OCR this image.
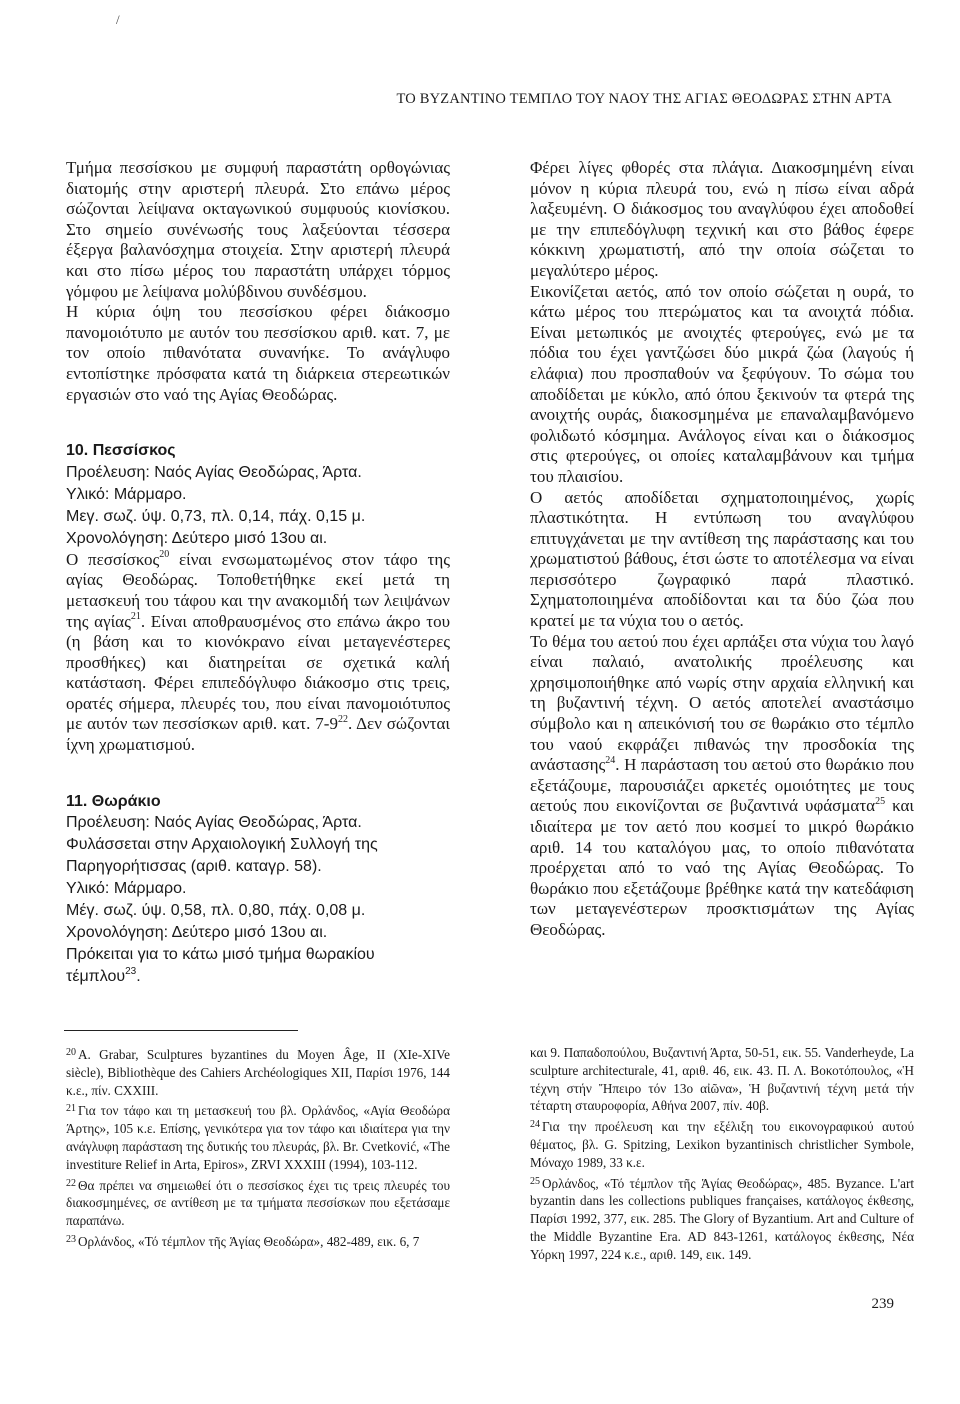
/
ΤΟ ΒΥΖΑΝΤΙΝΟ ΤΕΜΠΛΟ ΤΟΥ ΝΑΟΥ ΤΗΣ ΑΓΙΑΣ ΘΕΟΔΩΡΑΣ ΣΤΗΝ ΑΡΤΑ

Τμήμα πεσσίσκου με συμφυή παραστάτη ορθογώνιας διατομής στην αριστερή πλευρά. Στο επάνω μέρος σώζονται λείψανα οκταγωνικού συμφυούς κιονίσκου. Στο σημείο συνένωσής τους λαξεύονται τέσσερα έξεργα βαλανόσχημα στοιχεία. Στην αριστερή πλευρά και στο πίσω μέρος του παραστάτη υπάρχει τόρμος γόμφου με λείψανα μολύβδινου συνδέσμου.

Η κύρια όψη του πεσσίσκου φέρει διάκοσμο πανομοιότυπο με αυτόν του πεσσίσκου αριθ. κατ. 7, με τον οποίο πιθανότατα συνανήκε. Το ανάγλυφο εντοπίστηκε πρόσφατα κατά τη διάρκεια στερεωτικών εργασιών στο ναό της Αγίας Θεοδώρας.

10. Πεσσίσκος

Προέλευση: Ναός Αγίας Θεοδώρας, Άρτα.
Υλικό: Μάρμαρο.
Μεγ. σωζ. ύψ. 0,73, πλ. 0,14, πάχ. 0,15 μ.
Χρονολόγηση: Δεύτερο μισό 13ου αι.

Ο πεσσίσκος$^{20}$ είναι ενσωματωμένος στον τάφο της αγίας Θεοδώρας. Τοποθετήθηκε εκεί μετά τη μετασκευή του τάφου και την ανακομιδή των λειψάνων της αγίας$^{21}$. Είναι αποθραυσμένος στο επάνω άκρο του (η βάση και το κιονόκρανο είναι μεταγενέστερες προσθήκες) και διατηρείται σε σχετικά καλή κατάσταση. Φέρει επιπεδόγλυφο διάκοσμο στις τρεις, ορατές σήμερα, πλευρές του, που είναι πανομοιότυπος με αυτόν των πεσσίσκων αριθ. κατ. $7-9^{22}$. Δεν σώζονται ίχνη χρωματισμού.

11. Θωράκιο

Προέλευση: Ναός Αγίας Θεοδώρας, Άρτα. Φυλάσσεται στην Αρχαιολογική Συλλογή της Παρηγορήτισσας (αριθ. καταγρ. 58).
Υλικό: Μάρμαρο.
Μέγ. σωζ. ύψ. 0,58, πλ. 0,80, πάχ. 0,08 μ.
Χρονολόγηση: Δεύτερο μισό 13ου αι.
Πρόκειται για το κάτω μισό τμήμα θωρακίου τέμπλου$^{23}$.

Φέρει λίγες φθορές στα πλάγια. Διακοσμημένη είναι μόνον η κύρια πλευρά του, ενώ η πίσω είναι αδρά λαξευμένη. Ο διάκοσμος του αναγλύφου έχει αποδοθεί με την επιπεδόγλυφη τεχνική και στο βάθος έφερε κόκκινη χρωματιστή, από την οποία σώζεται το μεγαλύτερο μέρος.

Εικονίζεται αετός, από τον οποίο σώζεται η ουρά, το κάτω μέρος του πτερώματος και τα ανοιχτά πόδια. Είναι μετωπικός με ανοιχτές φτερούγες, ενώ με τα πόδια του έχει γαντζώσει δύο μικρά ζώα (λαγούς ή ελάφια) που προσπαθούν να ξεφύγουν. Το σώμα του αποδίδεται με κύκλο, από όπου ξεκινούν τα φτερά της ανοιχτής ουράς, διακοσμημένα με επαναλαμβανόμενο φολιδωτό κόσμημα. Ανάλογος είναι και ο διάκοσμος στις φτερούγες, οι οποίες καταλαμβάνουν και τμήμα του πλαισίου.

Ο αετός αποδίδεται σχηματοποιημένος, χωρίς πλαστικότητα. Η εντύπωση του αναγλύφου επιτυγχάνεται με την αντίθεση της παράστασης και του χρωματιστού βάθους, έτσι ώστε το αποτέλεσμα να είναι περισσότερο ζωγραφικό παρά πλαστικό. Σχηματοποιημένα αποδίδονται και τα δύο ζώα που κρατεί με τα νύχια του ο αετός.

Το θέμα του αετού που έχει αρπάξει στα νύχια του λαγό είναι παλαιό, ανατολικής προέλευσης και χρησιμοποιήθηκε από νωρίς στην αρχαία ελληνική και τη βυζαντινή τέχνη. Ο αετός αποτελεί αναστάσιμο σύμβολο και η απεικόνισή του σε θωράκιο στο τέμπλο του ναού εκφράζει πιθανώς την προσδοκία της ανάστασης$^{24}$. Η παράσταση του αετού στο θωράκιο που εξετάζουμε, παρουσιάζει αρκετές ομοιότητες με τους αετούς που εικονίζονται σε βυζαντινά υφάσματα$^{25}$ και ιδιαίτερα με τον αετό που κοσμεί το μικρό θωράκιο αριθ. 14 του καταλόγου μας, το οποίο πιθανότατα προέρχεται από το ναό της Αγίας Θεοδώρας. Το θωράκιο που εξετάζουμε βρέθηκε κατά την κατεδάφιση των μεταγενέστερων προσκτισμάτων της Αγίας Θεοδώρας.

$^{20}$ A. Grabar, Sculptures byzantines du Moyen Âge, II (XIe-XIVe siècle), Bibliothèque des Cahiers Archéologiques XII, Παρίσι 1976, 144 κ.ε., πίν. CXXIII.

$^{21}$ Για τον τάφο και τη μετασκευή του βλ. Ορλάνδος, «Αγία Θεοδώρα Άρτης», 105 κ.ε. Επίσης, γενικότερα για τον τάφο και ιδιαίτερα για την ανάγλυφη παράσταση της δυτικής του πλευράς, βλ. Br. Cvetković, «The investiture Relief in Arta, Epiros», ZRVI XXXIII (1994), 103-112.

$^{22}$ Θα πρέπει να σημειωθεί ότι ο πεσσίσκος έχει τις τρεις πλευρές του διακοσμημένες, σε αντίθεση με τα τμήματα πεσσίσκων που εξετάσαμε παραπάνω.

$^{23}$ Ορλάνδος, «Τό τέμπλον τῆς Ἁγίας Θεοδώρα», 482-489, εικ. 6, 7

και 9. Παπαδοπούλου, Βυζαντινή Άρτα, 50-51, εικ. 55. Vanderheyde, La sculpture architecturale, 41, αριθ. 46, εικ. 43. Π. Λ. Βοκοτόπουλος, «Ἡ τέχνη στήν Ἤπειρο τόν 13ο αἰῶνα», Ἡ βυζαντινή τέχνη μετά τήν τέταρτη σταυροφορία, Αθήνα 2007, πίν. 40β.

$^{24}$ Για την προέλευση και την εξέλιξη του εικονογραφικού αυτού θέματος, βλ. G. Spitzing, Lexikon byzantinisch christlicher Symbole, Μόναχο 1989, 33 κ.ε.

$^{25}$ Ορλάνδος, «Τό τέμπλον τῆς Ἁγίας Θεοδώρας», 485. Byzance. L'art byzantin dans les collections publiques françaises, κατάλογος έκθεσης, Παρίσι 1992, 377, εικ. 285. The Glory of Byzantium. Art and Culture of the Middle Byzantine Era. AD 843-1261, κατάλογος έκθεσης, Νέα Υόρκη 1997, 224 κ.ε., αριθ. 149, εικ. 149.

239
